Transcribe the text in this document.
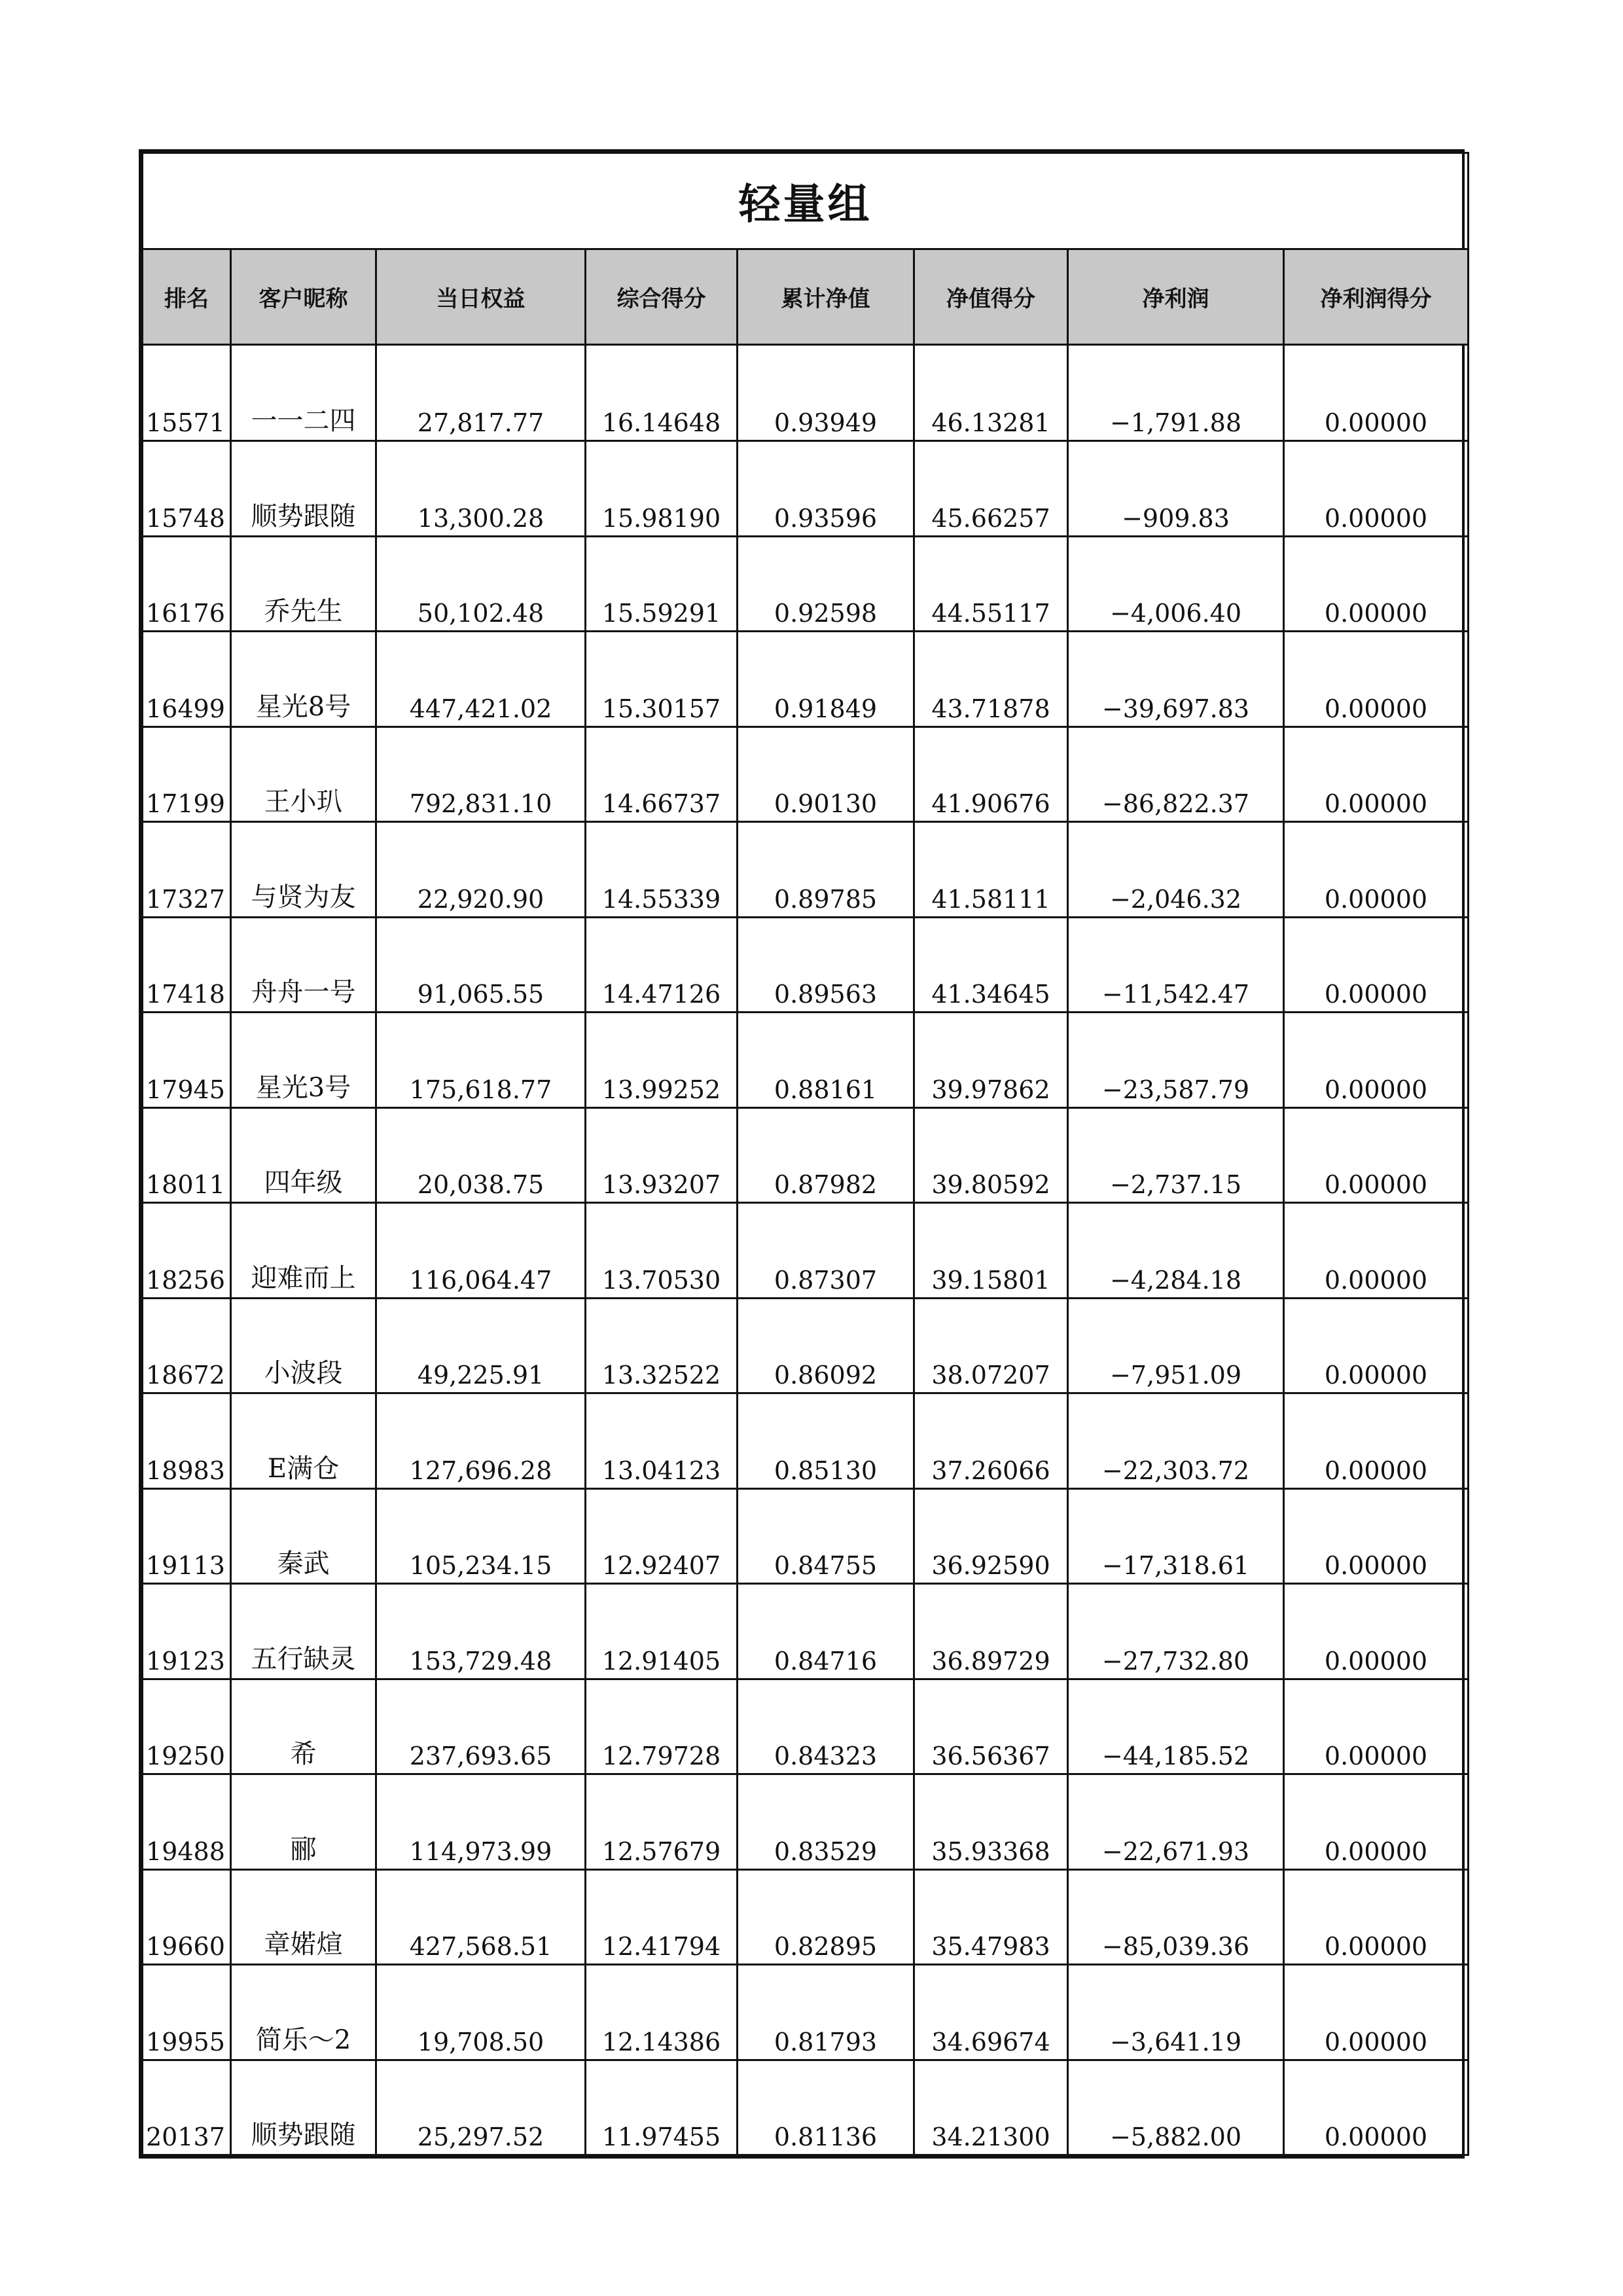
轻量组							
排名	客户昵称	当日权益	综合得分	累计净值	净值得分	净利润	净利润得分
15571	一一二四	27,817.77	16.14648	0.93949	46.13281	−1,791.88	0.00000
15748	顺势跟随	13,300.28	15.98190	0.93596	45.66257	−909.83	0.00000
16176	乔先生	50,102.48	15.59291	0.92598	44.55117	−4,006.40	0.00000
16499	星光8号	447,421.02	15.30157	0.91849	43.71878	−39,697.83	0.00000
17199	王小玐	792,831.10	14.66737	0.90130	41.90676	−86,822.37	0.00000
17327	与贤为友	22,920.90	14.55339	0.89785	41.58111	−2,046.32	0.00000
17418	舟舟一号	91,065.55	14.47126	0.89563	41.34645	−11,542.47	0.00000
17945	星光3号	175,618.77	13.99252	0.88161	39.97862	−23,587.79	0.00000
18011	四年级	20,038.75	13.93207	0.87982	39.80592	−2,737.15	0.00000
18256	迎难而上	116,064.47	13.70530	0.87307	39.15801	−4,284.18	0.00000
18672	小波段	49,225.91	13.32522	0.86092	38.07207	−7,951.09	0.00000
18983	E满仓	127,696.28	13.04123	0.85130	37.26066	−22,303.72	0.00000
19113	秦武	105,234.15	12.92407	0.84755	36.92590	−17,318.61	0.00000
19123	五行缺灵	153,729.48	12.91405	0.84716	36.89729	−27,732.80	0.00000
19250	希	237,693.65	12.79728	0.84323	36.56367	−44,185.52	0.00000
19488	郦	114,973.99	12.57679	0.83529	35.93368	−22,671.93	0.00000
19660	章婼煊	427,568.51	12.41794	0.82895	35.47983	−85,039.36	0.00000
19955	简乐～2	19,708.50	12.14386	0.81793	34.69674	−3,641.19	0.00000
20137	顺势跟随	25,297.52	11.97455	0.81136	34.21300	−5,882.00	0.00000
